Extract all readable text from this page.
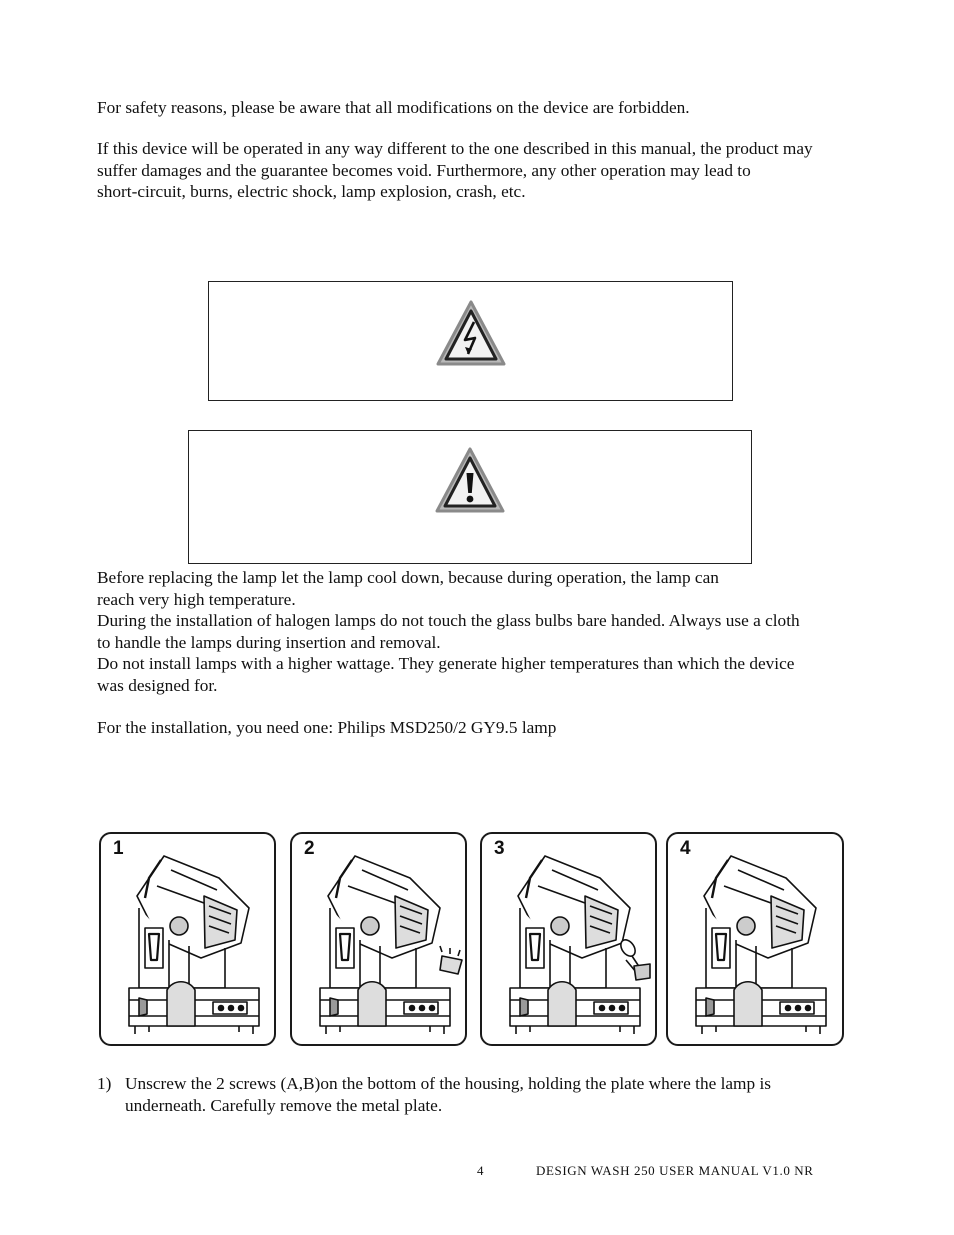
For safety reasons, please be aware that all modifications on the device are forbidden.

If this device will be operated in any way different to the one described in this manual, the product may
suffer damages and the guarantee becomes void. Furthermore, any other operation may lead to
short-circuit, burns, electric shock, lamp explosion, crash, etc.

Before replacing the lamp let the lamp cool down, because during operation, the lamp can
reach very high temperature.
During the installation of halogen lamps do not touch the glass bulbs bare handed. Always use a cloth
to handle the lamps during insertion and removal.
Do not install lamps with a higher wattage. They generate higher temperatures than which the device
was designed for.

For the installation, you need one: Philips MSD250/2 GY9.5 lamp

1	2	3	4
1) Unscrew the 2 screws (A,B)on the bottom of the housing, holding the plate where the lamp is
underneath. Carefully remove the metal plate.
4	DESIGN WASH 250 USER MANUAL V1.0 NR
